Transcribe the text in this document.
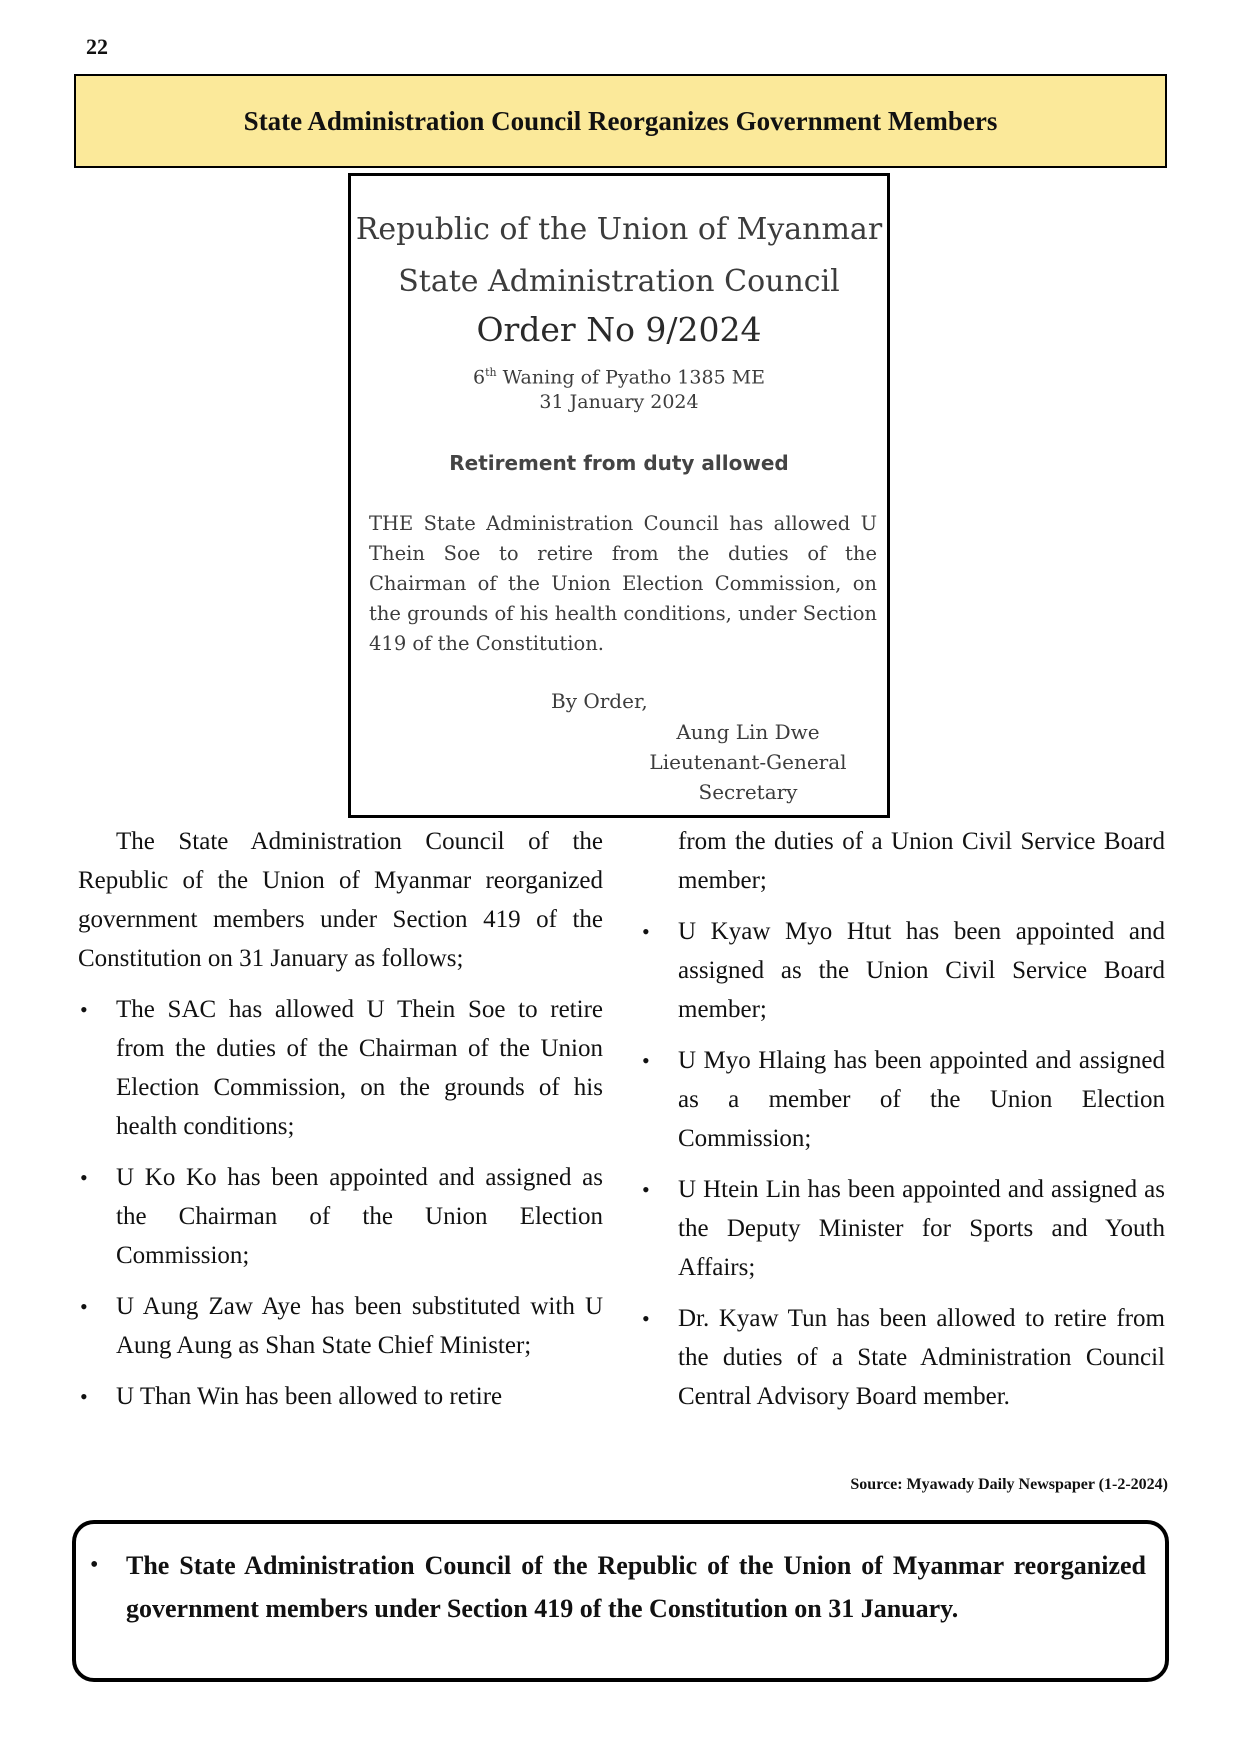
22
State Administration Council Reorganizes Government Members
Republic of the Union of Myanmar
State Administration Council
Order No 9/2024
6th Waning of Pyatho 1385 ME
31 January 2024
Retirement from duty allowed
THE State Administration Council has allowed U Thein Soe to retire from the duties of the Chairman of the Union Election Commission, on the grounds of his health conditions, under Section 419 of the Constitution.
By Order,
Aung Lin Dwe
Lieutenant-General
Secretary

The State Administration Council of the Republic of the Union of Myanmar reorganized government members under Section 419 of the Constitution on 31 January as follows;

• The SAC has allowed U Thein Soe to retire from the duties of the Chairman of the Union Election Commission, on the grounds of his health conditions;
• U Ko Ko has been appointed and assigned as the Chairman of the Union Election Commission;
• U Aung Zaw Aye has been substituted with U Aung Aung as Shan State Chief Minister;
• U Than Win has been allowed to retire

from the duties of a Union Civil Service Board member;

• U Kyaw Myo Htut has been appointed and assigned as the Union Civil Service Board member;
• U Myo Hlaing has been appointed and assigned as a member of the Union Election Commission;
• U Htein Lin has been appointed and assigned as the Deputy Minister for Sports and Youth Affairs;
• Dr. Kyaw Tun has been allowed to retire from the duties of a State Administration Council Central Advisory Board member.
Source: Myawady Daily Newspaper (1-2-2024)
• The State Administration Council of the Republic of the Union of Myanmar reorganized government members under Section 419 of the Constitution on 31 January.
